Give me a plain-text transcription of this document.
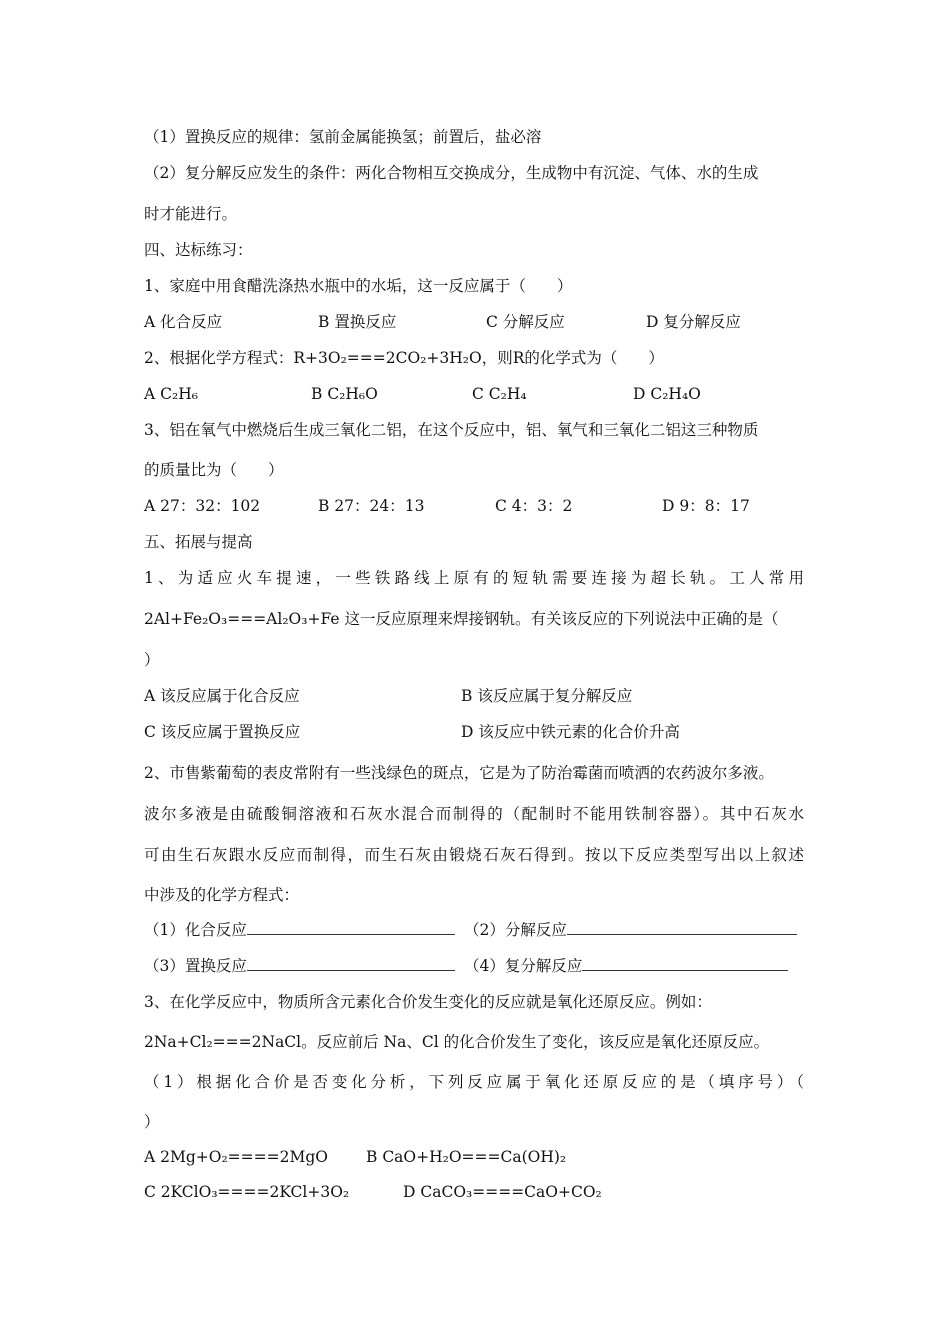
（1）置换反应的规律：氢前金属能换氢；前置后，盐必溶
（2）复分解反应发生的条件：两化合物相互交换成分，生成物中有沉淀、气体、水的生成
时才能进行。
四、达标练习：
1、家庭中用食醋洗涤热水瓶中的水垢，这一反应属于（　　）
A 化合反应	B 置换反应	C 分解反应	D 复分解反应
2、根据化学方程式：R+3O₂===2CO₂+3H₂O，则R的化学式为（　　）
A C₂H₆	B C₂H₆O	C C₂H₄	D C₂H₄O
3、铝在氧气中燃烧后生成三氧化二铝，在这个反应中，铝、氧气和三氧化二铝这三种物质
的质量比为（　　）
A 27：32：102	B 27：24：13	C 4：3：2	D 9：8：17
五、拓展与提高
1、为适应火车提速，一些铁路线上原有的短轨需要连接为超长轨。工人常用
2Al+Fe₂O₃===Al₂O₃+Fe 这一反应原理来焊接钢轨。有关该反应的下列说法中正确的是（
）
A 该反应属于化合反应	B 该反应属于复分解反应
C 该反应属于置换反应	D 该反应中铁元素的化合价升高
2、市售紫葡萄的表皮常附有一些浅绿色的斑点，它是为了防治霉菌而喷洒的农药波尔多液。
波尔多液是由硫酸铜溶液和石灰水混合而制得的（配制时不能用铁制容器）。其中石灰水
可由生石灰跟水反应而制得，而生石灰由锻烧石灰石得到。按以下反应类型写出以上叙述
中涉及的化学方程式：
（1）化合反应	（2）分解反应
（3）置换反应	（4）复分解反应
3、在化学反应中，物质所含元素化合价发生变化的反应就是氧化还原反应。例如：
2Na+Cl₂===2NaCl。反应前后 Na、Cl 的化合价发生了变化，该反应是氧化还原反应。
（1）根据化合价是否变化分析，下列反应属于氧化还原反应的是（填序号）（
）
A 2Mg+O₂====2MgO B CaO+H₂O===Ca(OH)₂
C 2KClO₃====2KCl+3O₂	D CaCO₃====CaO+CO₂
